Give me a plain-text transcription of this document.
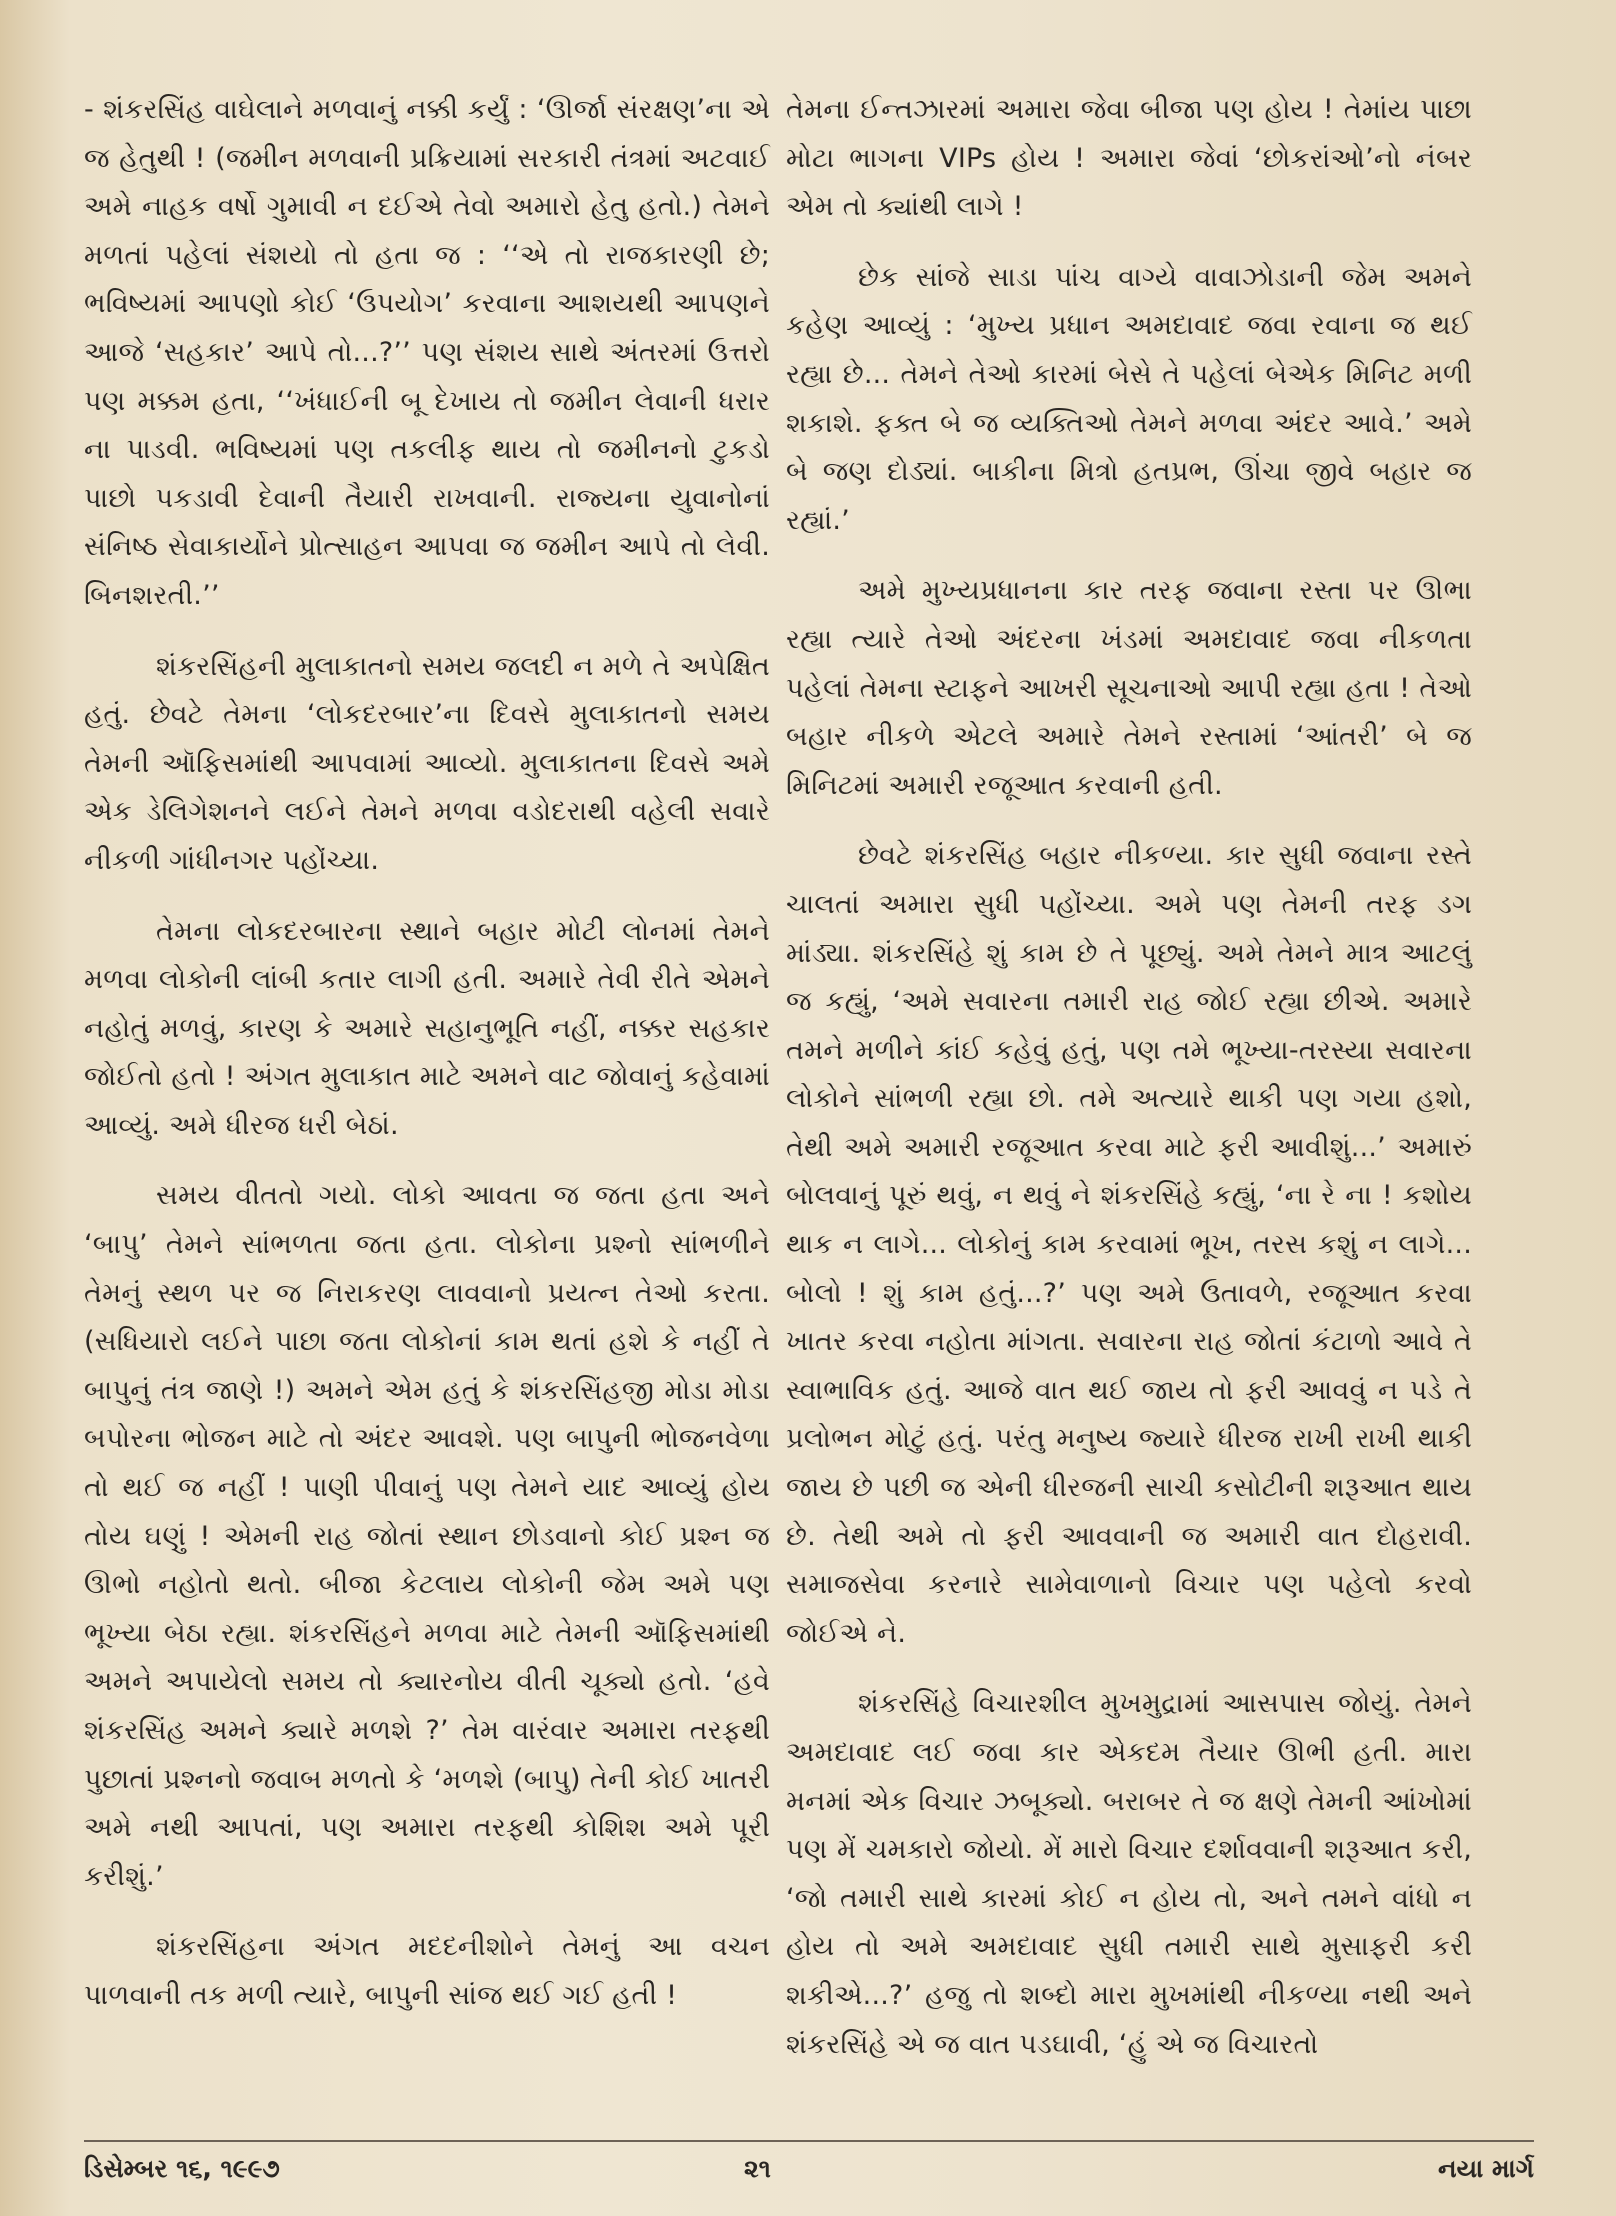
- શંકરસિંહ વાઘેલાને મળવાનું નક્કી કર્યું : ‘ઊર્જા સંરક્ષણ’ના એ જ હેતુથી ! (જમીન મળવાની પ્રક્રિયામાં સરકારી તંત્રમાં અટવાઈ અમે નાહક વર્ષો ગુમાવી ન દઈએ તેવો અમારો હેતુ હતો.) તેમને મળતાં પહેલાં સંશયો તો હતા જ : ‘‘એ તો રાજકારણી છે; ભવિષ્યમાં આપણો કોઈ ‘ઉપયોગ’ કરવાના આશયથી આપણને આજે ‘સહકાર’ આપે તો...?’’ પણ સંશય સાથે અંતરમાં ઉત્તરો પણ મક્કમ હતા, ‘‘ખંધાઈની બૂ દેખાય તો જમીન લેવાની ધરાર ના પાડવી. ભવિષ્યમાં પણ તકલીફ થાય તો જમીનનો ટુકડો પાછો પકડાવી દેવાની તૈયારી રાખવાની. રાજ્યના યુવાનોનાં સંનિષ્ઠ સેવાકાર્યોને પ્રોત્સાહન આપવા જ જમીન આપે તો લેવી. બિનશરતી.’’

શંકરસિંહની મુલાકાતનો સમય જલદી ન મળે તે અપેક્ષિત હતું. છેવટે તેમના ‘લોકદરબાર’ના દિવસે મુલાકાતનો સમય તેમની ઑફિસમાંથી આપવામાં આવ્યો. મુલાકાતના દિવસે અમે એક ડેલિગેશનને લઈને તેમને મળવા વડોદરાથી વહેલી સવારે નીકળી ગાંધીનગર પહોંચ્યા.

તેમના લોકદરબારના સ્થાને બહાર મોટી લોનમાં તેમને મળવા લોકોની લાંબી કતાર લાગી હતી. અમારે તેવી રીતે એમને નહોતું મળવું, કારણ કે અમારે સહાનુભૂતિ નહીં, નક્કર સહકાર જોઈતો હતો ! અંગત મુલાકાત માટે અમને વાટ જોવાનું કહેવામાં આવ્યું. અમે ધીરજ ધરી બેઠાં.

સમય વીતતો ગયો. લોકો આવતા જ જતા હતા અને ‘બાપુ’ તેમને સાંભળતા જતા હતા. લોકોના પ્રશ્નો સાંભળીને તેમનું સ્થળ પર જ નિરાકરણ લાવવાનો પ્રયત્ન તેઓ કરતા. (સધિયારો લઈને પાછા જતા લોકોનાં કામ થતાં હશે કે નહીં તે બાપુનું તંત્ર જાણે !) અમને એમ હતું કે શંકરસિંહજી મોડા મોડા બપોરના ભોજન માટે તો અંદર આવશે. પણ બાપુની ભોજનવેળા તો થઈ જ નહીં ! પાણી પીવાનું પણ તેમને યાદ આવ્યું હોય તોય ઘણું ! એમની રાહ જોતાં સ્થાન છોડવાનો કોઈ પ્રશ્ન જ ઊભો નહોતો થતો. બીજા કેટલાય લોકોની જેમ અમે પણ ભૂખ્યા બેઠા રહ્યા. શંકરસિંહને મળવા માટે તેમની ઑફિસમાંથી અમને અપાયેલો સમય તો ક્યારનોય વીતી ચૂક્યો હતો. ‘હવે શંકરસિંહ અમને ક્યારે મળશે ?’ તેમ વારંવાર અમારા તરફથી પુછાતાં પ્રશ્નનો જવાબ મળતો કે ‘મળશે (બાપુ) તેની કોઈ ખાતરી અમે નથી આપતાં, પણ અમારા તરફથી કોશિશ અમે પૂરી કરીશું.’

શંકરસિંહના અંગત મદદનીશોને તેમનું આ વચન પાળવાની તક મળી ત્યારે, બાપુની સાંજ થઈ ગઈ હતી !

તેમના ઈન્તઝારમાં અમારા જેવા બીજા પણ હોય ! તેમાંય પાછા મોટા ભાગના VIPs હોય ! અમારા જેવાં ‘છોકરાંઓ’નો નંબર એમ તો ક્યાંથી લાગે !

છેક સાંજે સાડા પાંચ વાગ્યે વાવાઝોડાની જેમ અમને કહેણ આવ્યું : ‘મુખ્ય પ્રધાન અમદાવાદ જવા રવાના જ થઈ રહ્યા છે... તેમને તેઓ કારમાં બેસે તે પહેલાં બેએક મિનિટ મળી શકાશે. ફક્ત બે જ વ્યક્તિઓ તેમને મળવા અંદર આવે.’ અમે બે જણ દોડ્યાં. બાકીના મિત્રો હતપ્રભ, ઊંચા જીવે બહાર જ રહ્યાં.’

અમે મુખ્યપ્રધાનના કાર તરફ જવાના રસ્તા પર ઊભા રહ્યા ત્યારે તેઓ અંદરના ખંડમાં અમદાવાદ જવા નીકળતા પહેલાં તેમના સ્ટાફને આખરી સૂચનાઓ આપી રહ્યા હતા ! તેઓ બહાર નીકળે એટલે અમારે તેમને રસ્તામાં ‘આંતરી’ બે જ મિનિટમાં અમારી રજૂઆત કરવાની હતી.

છેવટે શંકરસિંહ બહાર નીકળ્યા. કાર સુધી જવાના રસ્તે ચાલતાં અમારા સુધી પહોંચ્યા. અમે પણ તેમની તરફ ડગ માંડ્યા. શંકરસિંહે શું કામ છે તે પૂછ્યું. અમે તેમને માત્ર આટલું જ કહ્યું, ‘અમે સવારના તમારી રાહ જોઈ રહ્યા છીએ. અમારે તમને મળીને કાંઈ કહેવું હતું, પણ તમે ભૂખ્યા-તરસ્યા સવારના લોકોને સાંભળી રહ્યા છો. તમે અત્યારે થાકી પણ ગયા હશો, તેથી અમે અમારી રજૂઆત કરવા માટે ફરી આવીશું...’ અમારું બોલવાનું પૂરું થવું, ન થવું ને શંકરસિંહે કહ્યું, ‘ના રે ના ! કશોય થાક ન લાગે... લોકોનું કામ કરવામાં ભૂખ, તરસ કશું ન લાગે... બોલો ! શું કામ હતું...?’ પણ અમે ઉતાવળે, રજૂઆત કરવા ખાતર કરવા નહોતા માંગતા. સવારના રાહ જોતાં કંટાળો આવે તે સ્વાભાવિક હતું. આજે વાત થઈ જાય તો ફરી આવવું ન પડે તે પ્રલોભન મોટું હતું. પરંતુ મનુષ્ય જ્યારે ધીરજ રાખી રાખી થાકી જાય છે પછી જ એની ધીરજની સાચી કસોટીની શરૂઆત થાય છે. તેથી અમે તો ફરી આવવાની જ અમારી વાત દોહરાવી. સમાજસેવા કરનારે સામેવાળાનો વિચાર પણ પહેલો કરવો જોઈએ ને.

શંકરસિંહે વિચારશીલ મુખમુદ્રામાં આસપાસ જોયું. તેમને અમદાવાદ લઈ જવા કાર એકદમ તૈયાર ઊભી હતી. મારા મનમાં એક વિચાર ઝબૂક્યો. બરાબર તે જ ક્ષણે તેમની આંખોમાં પણ મેં ચમકારો જોયો. મેં મારો વિચાર દર્શાવવાની શરૂઆત કરી, ‘જો તમારી સાથે કારમાં કોઈ ન હોય તો, અને તમને વાંધો ન હોય તો અમે અમદાવાદ સુધી તમારી સાથે મુસાફરી કરી શકીએ...?’ હજુ તો શબ્દો મારા મુખમાંથી નીકળ્યા નથી અને શંકરસિંહે એ જ વાત પડઘાવી, ‘હું એ જ વિચારતો

ડિસેમ્બર ૧૬, ૧૯૯૭	૨૧	નયા માર્ગ
